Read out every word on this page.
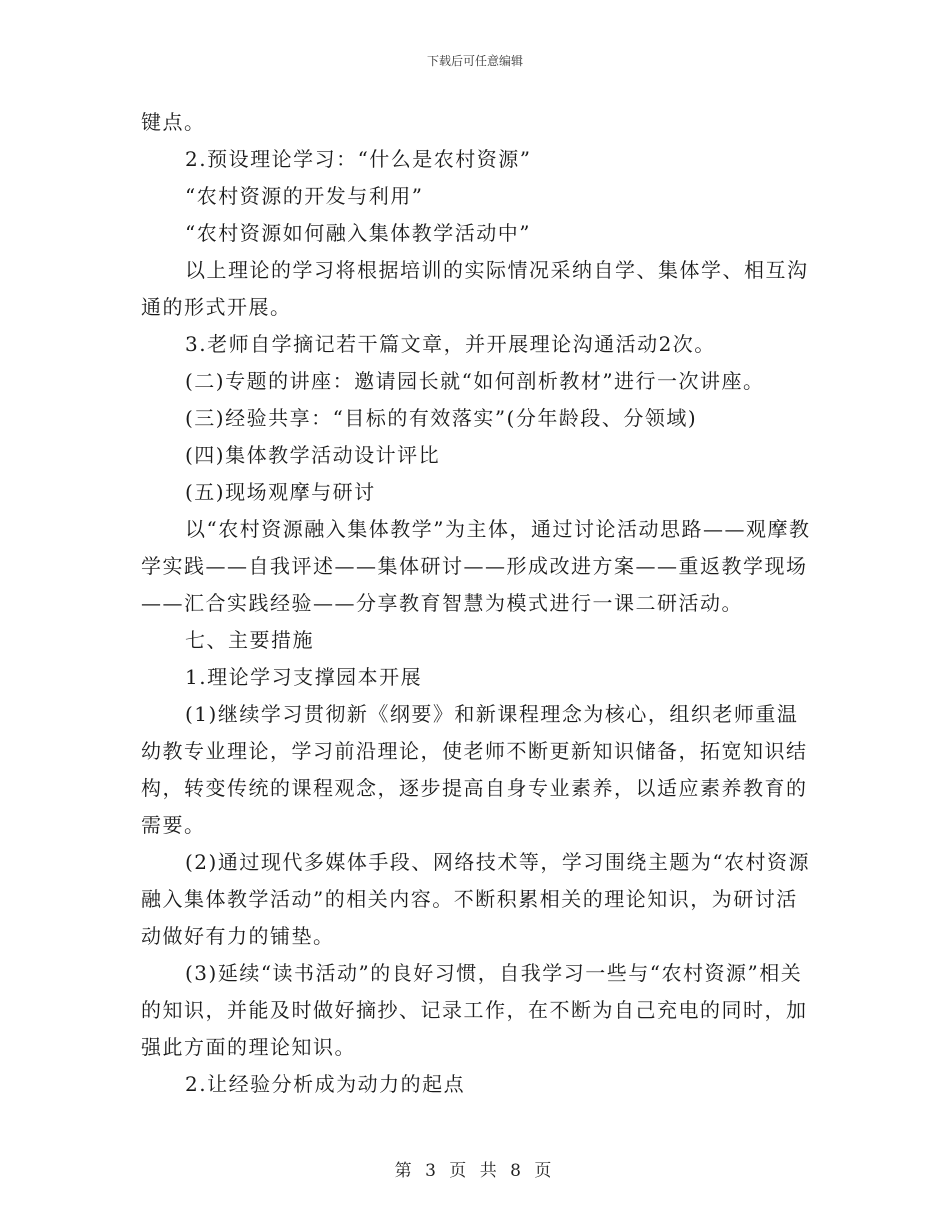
下载后可任意编辑

键点。

2.预设理论学习：“什么是农村资源”

“农村资源的开发与利用”

“农村资源如何融入集体教学活动中”

以上理论的学习将根据培训的实际情况采纳自学、集体学、相互沟通的形式开展。

3.老师自学摘记若干篇文章，并开展理论沟通活动2次。

(二)专题的讲座：邀请园长就“如何剖析教材”进行一次讲座。

(三)经验共享：“目标的有效落实”(分年龄段、分领域)

(四)集体教学活动设计评比

(五)现场观摩与研讨

以“农村资源融入集体教学”为主体，通过讨论活动思路——观摩教学实践——自我评述——集体研讨——形成改进方案——重返教学现场——汇合实践经验——分享教育智慧为模式进行一课二研活动。

七、主要措施

1.理论学习支撑园本开展

(1)继续学习贯彻新《纲要》和新课程理念为核心，组织老师重温幼教专业理论，学习前沿理论，使老师不断更新知识储备，拓宽知识结构，转变传统的课程观念，逐步提高自身专业素养，以适应素养教育的需要。

(2)通过现代多媒体手段、网络技术等，学习围绕主题为“农村资源融入集体教学活动”的相关内容。不断积累相关的理论知识，为研讨活动做好有力的铺垫。

(3)延续“读书活动”的良好习惯，自我学习一些与“农村资源”相关的知识，并能及时做好摘抄、记录工作，在不断为自己充电的同时，加强此方面的理论知识。

2.让经验分析成为动力的起点

第 3 页 共 8 页
